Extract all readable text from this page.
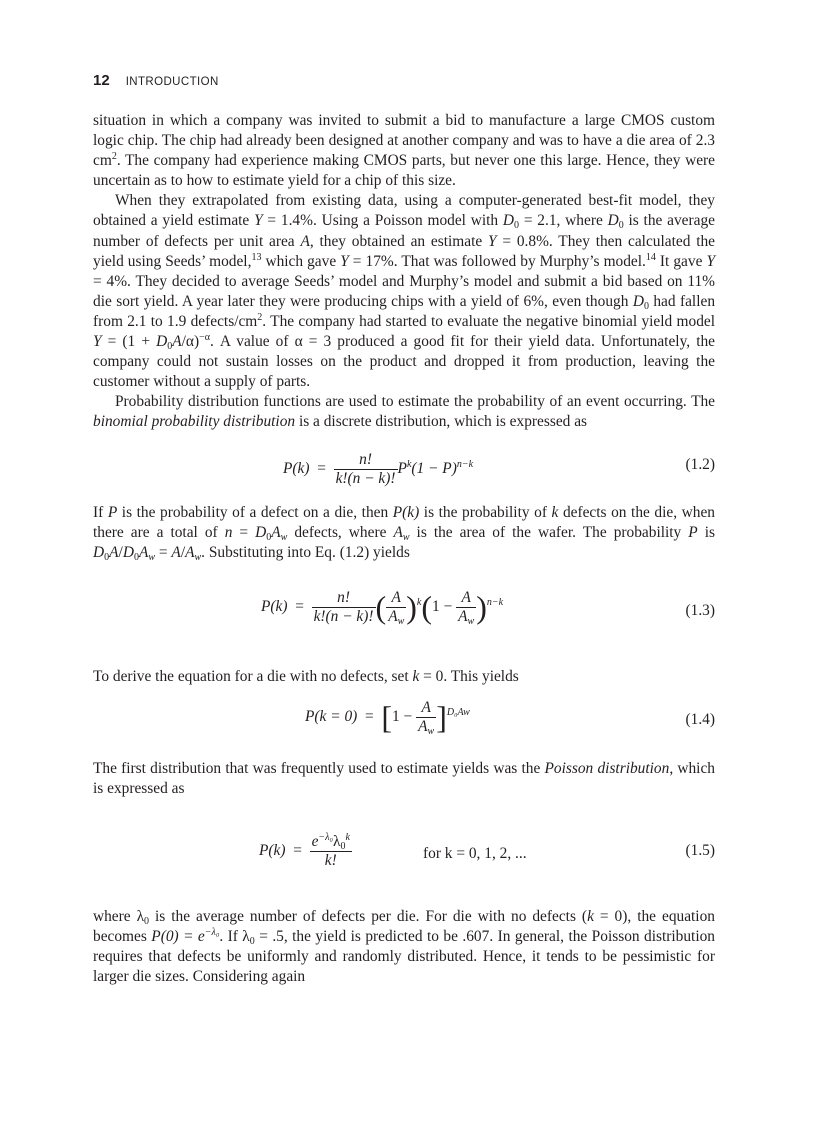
12 INTRODUCTION

situation in which a company was invited to submit a bid to manufacture a large CMOS custom logic chip. The chip had already been designed at another company and was to have a die area of 2.3 $cm^2$. The company had experience making CMOS parts, but never one this large. Hence, they were uncertain as to how to estimate yield for a chip of this size.

When they extrapolated from existing data, using a computer-generated best-fit model, they obtained a yield estimate Y = 1.4%. Using a Poisson model with $D_0 = 2.1$, where $D_0$ is the average number of defects per unit area A, they obtained an estimate Y = 0.8%. They then calculated the yield using Seeds’ model,$^{13}$ which gave Y = 17%. That was followed by Murphy’s model.$^{14}$ It gave Y = 4%. They decided to average Seeds’ model and Murphy’s model and submit a bid based on 11% die sort yield. A year later they were producing chips with a yield of 6%, even though $D_0$ had fallen from 2.1 to 1.9 defects/$cm^2$. The company had started to evaluate the negative binomial yield model $Y = (1 + D_0A/\alpha)^{-\alpha}$. A value of α = 3 produced a good fit for their yield data. Unfortunately, the company could not sustain losses on the product and dropped it from production, leaving the customer without a supply of parts.

Probability distribution functions are used to estimate the probability of an event occurring. The binomial probability distribution is a discrete distribution, which is expressed as

$P(k) = \frac{n!}{k!(n - k)!} P^k(1 - P)^{n-k}$	(1.2)

If P is the probability of a defect on a die, then P(k) is the probability of k defects on the die, when there are a total of $n = D_0A_w$ defects, where $A_w$ is the area of the wafer. The probability P is $D_0A/D_0A_w = A/A_w$. Substituting into Eq. (1.2) yields

$P(k) = \frac{n!}{k!(n - k)!}$ ( $\frac{A}{A_w} )^k(1 - \frac{A}{A_w} )^{n-k}$	(1.3)

To derive the equation for a die with no defects, set k = 0. This yields

$P(k = 0) = [1 - \frac{A}{A_w} ]^{D_0Aw}$	(1.4)

The first distribution that was frequently used to estimate yields was the Poisson distribution, which is expressed as

$P(k) = \frac{e^{-\lambda_0}\lambda_0^k}{k!}$	for k = 0, 1, 2, ...	(1.5)

where $\lambda_0$ is the average number of defects per die. For die with no defects (k = 0), the equation becomes $P(0) = e^{-\lambda_0}$. If $\lambda_0 = .5$, the yield is predicted to be .607. In general, the Poisson distribution requires that defects be uniformly and randomly distributed. Hence, it tends to be pessimistic for larger die sizes. Considering again
